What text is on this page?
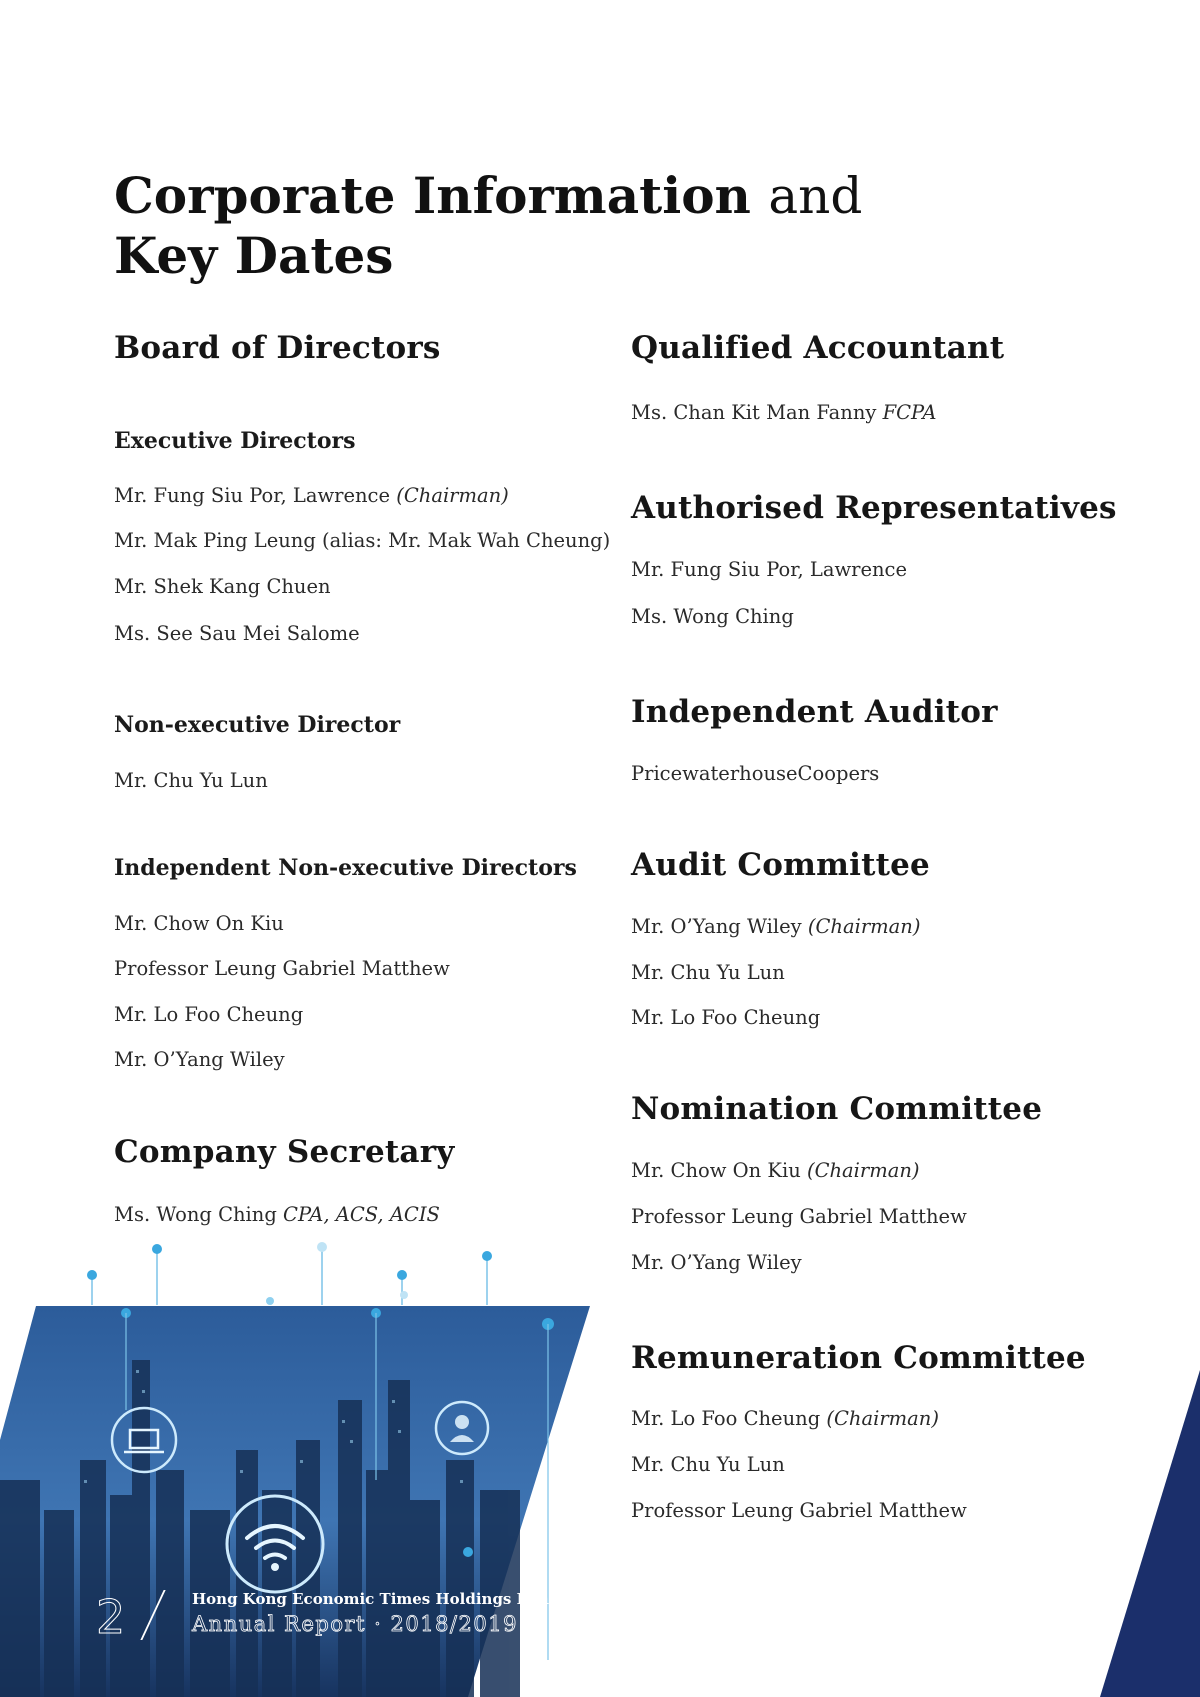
Corporate Information and
Key Dates
Board of Directors
Executive Directors

Mr. Fung Siu Por, Lawrence (Chairman)

Mr. Mak Ping Leung (alias: Mr. Mak Wah Cheung)

Mr. Shek Kang Chuen

Ms. See Sau Mei Salome

Non-executive Director

Mr. Chu Yu Lun

Independent Non-executive Directors

Mr. Chow On Kiu

Professor Leung Gabriel Matthew

Mr. Lo Foo Cheung

Mr. O’Yang Wiley

Company Secretary

Ms. Wong Ching CPA, ACS, ACIS

Qualified Accountant

Ms. Chan Kit Man Fanny FCPA

Authorised Representatives

Mr. Fung Siu Por, Lawrence

Ms. Wong Ching

Independent Auditor

PricewaterhouseCoopers

Audit Committee

Mr. O’Yang Wiley (Chairman)

Mr. Chu Yu Lun

Mr. Lo Foo Cheung

Nomination Committee

Mr. Chow On Kiu (Chairman)

Professor Leung Gabriel Matthew

Mr. O’Yang Wiley

Remuneration Committee

Mr. Lo Foo Cheung (Chairman)

Mr. Chu Yu Lun

Professor Leung Gabriel Matthew

2	Hong Kong Economic Times Holdings Limited
Annual Report · 2018/2019
